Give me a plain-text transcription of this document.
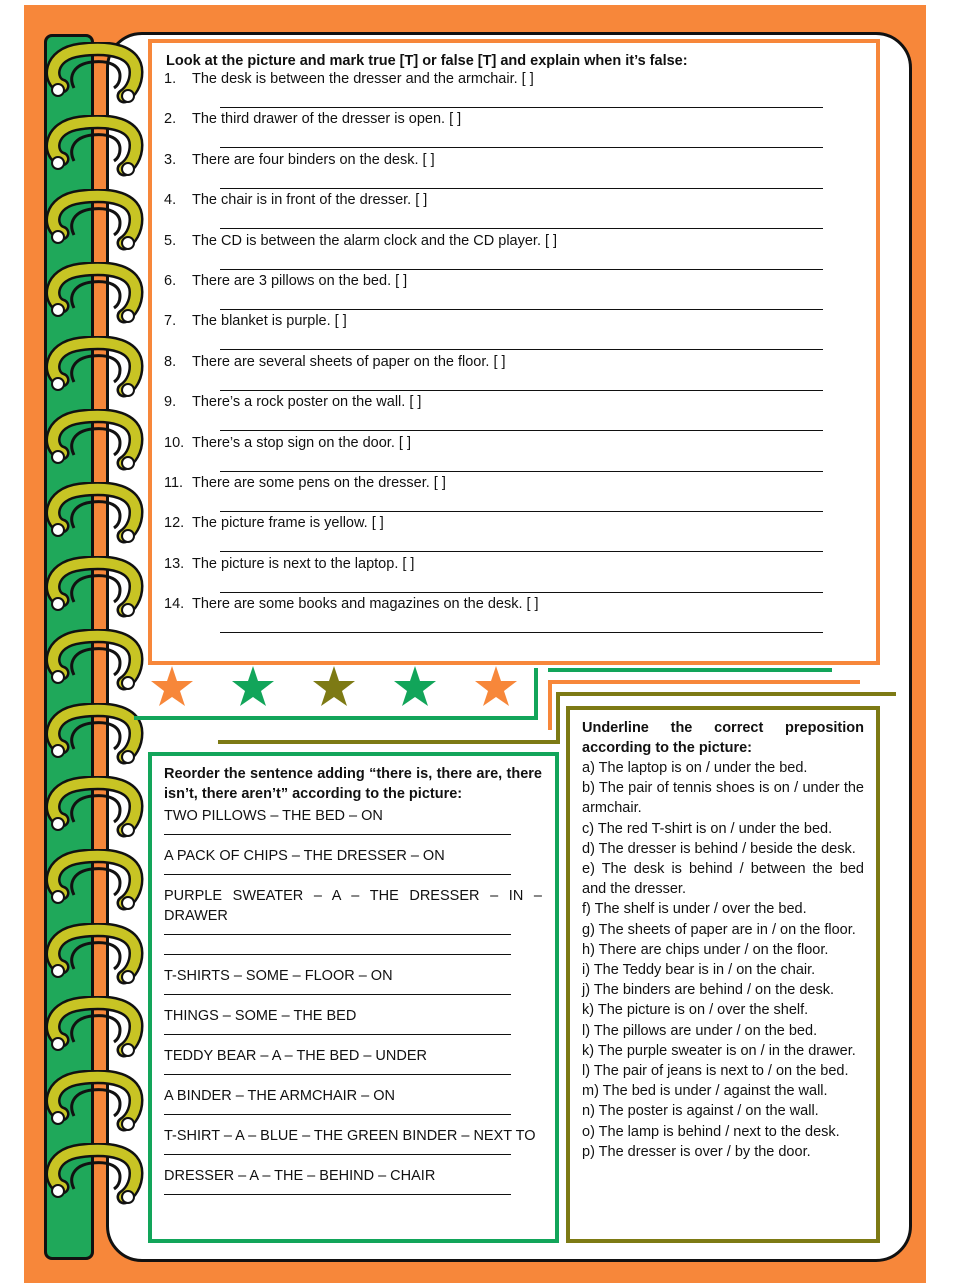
Look at the picture and mark true [T] or false [T] and explain when it’s false:
1. The desk is between the dresser and the armchair. [ ]
2. The third drawer of the dresser is open. [ ]
3. There are four binders on the desk. [ ]
4. The chair is in front of the dresser. [ ]
5. The CD is between the alarm clock and the CD player. [ ]
6. There are 3 pillows on the bed. [ ]
7. The blanket is purple. [ ]
8. There are several sheets of paper on the floor. [ ]
9. There’s a rock poster on the wall. [ ]
10. There’s a stop sign on the door. [ ]
11. There are some pens on the dresser. [ ]
12. The picture frame is yellow. [ ]
13. The picture is next to the laptop. [ ]
14. There are some books and magazines on the desk. [ ]
Reorder the sentence adding “there is, there are, there isn’t, there aren’t” according to the picture:
TWO PILLOWS – THE BED – ON
A PACK OF CHIPS – THE DRESSER – ON
PURPLE SWEATER – A – THE DRESSER – IN – DRAWER
T-SHIRTS – SOME – FLOOR – ON
THINGS – SOME – THE BED
TEDDY BEAR – A – THE BED – UNDER
A BINDER – THE ARMCHAIR – ON
T-SHIRT – A – BLUE – THE GREEN BINDER – NEXT TO
DRESSER – A – THE – BEHIND – CHAIR
Underline the correct preposition according to the picture:
a) The laptop is on / under the bed.
b) The pair of tennis shoes is on / under the armchair.
c) The red T-shirt is on / under the bed.
d) The dresser is behind / beside the desk.
e) The desk is behind / between the bed and the dresser.
f) The shelf is under / over the bed.
g) The sheets of paper are in / on the floor.
h) There are chips under / on the floor.
i) The Teddy bear is in / on the chair.
j) The binders are behind / on the desk.
k) The picture is on / over the shelf.
l) The pillows are under / on the bed.
k) The purple sweater is on / in the drawer.
l) The pair of jeans is next to / on the bed.
m) The bed is under / against the wall.
n) The poster is against / on the wall.
o) The lamp is behind / next to the desk.
p) The dresser is over / by the door.
